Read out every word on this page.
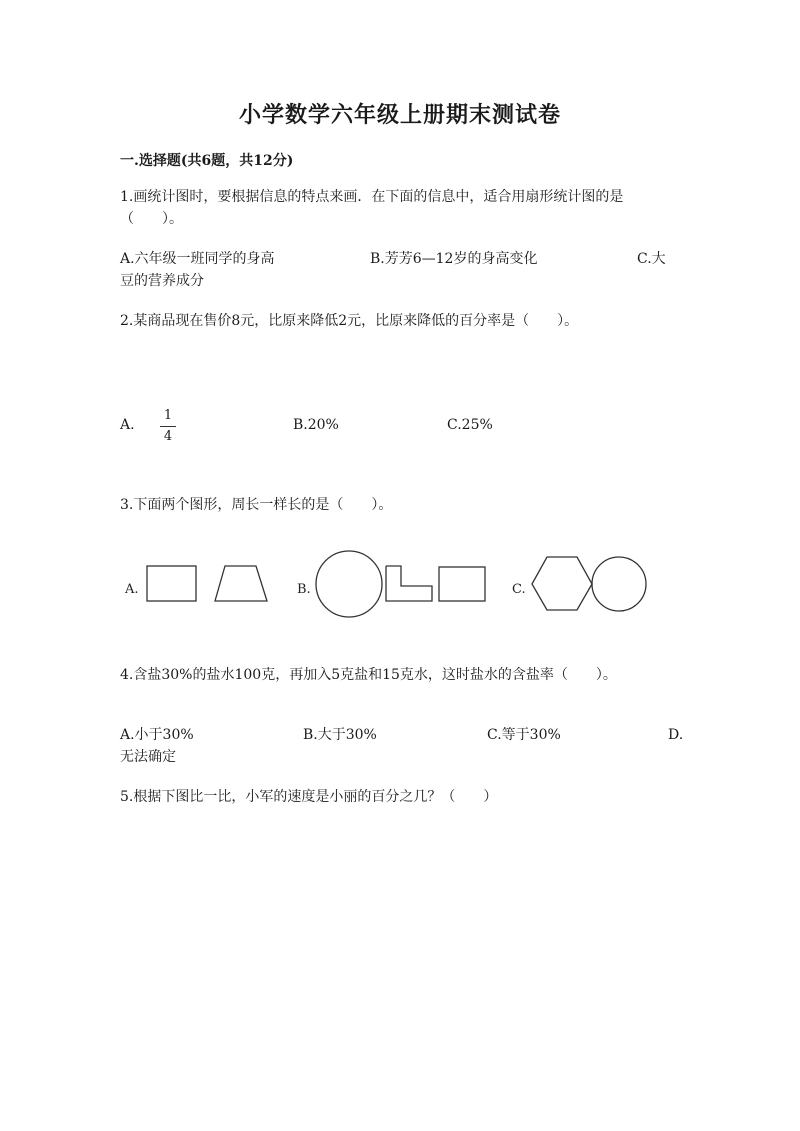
小学数学六年级上册期末测试卷
一.选择题(共6题，共12分)
1.画统计图时，要根据信息的特点来画．在下面的信息中，适合用扇形统计图的是（　　）。
A.六年级一班同学的身高	B.芳芳6—12岁的身高变化	C.大
豆的营养成分
2.某商品现在售价8元，比原来降低2元，比原来降低的百分率是（　　）。
A.
1
4
B.20%	C.25%
3.下面两个图形，周长一样长的是（　　）。
A.	B.	C.
4.含盐30%的盐水100克，再加入5克盐和15克水，这时盐水的含盐率（　　）。
A.小于30%	B.大于30%	C.等于30%	D.
无法确定
5.根据下图比一比，小军的速度是小丽的百分之几？（　　）
